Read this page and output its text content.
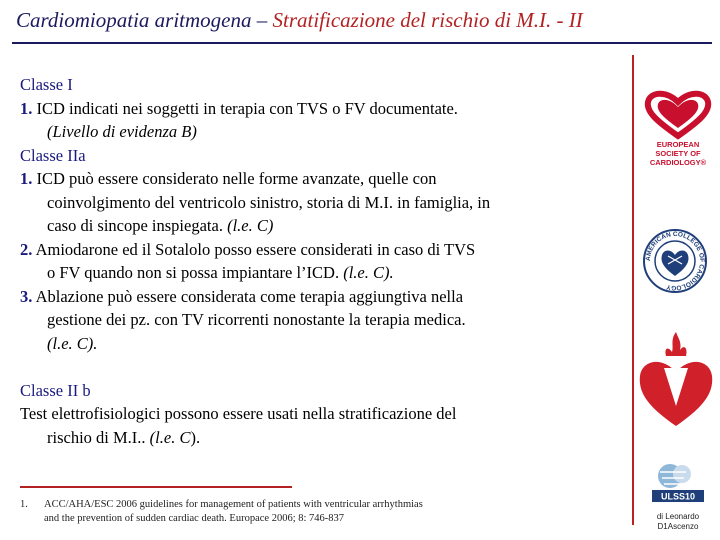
Cardiomiopatia aritmogena – Stratificazione del rischio di M.I. - II
Classe I
1. ICD indicati nei soggetti in terapia con TVS o FV documentate.
(Livello di evidenza B)
Classe IIa
1. ICD può essere considerato nelle forme avanzate, quelle con
coinvolgimento del ventricolo sinistro, storia di M.I. in famiglia, in
caso di sincope inspiegata. (l.e. C)
2. Amiodarone ed il Sotalolo posso essere considerati in caso di TVS
o FV quando non si possa impiantare l’ICD. (l.e. C).
3. Ablazione può essere considerata come terapia aggiungtiva nella
gestione dei pz. con TV ricorrenti nonostante la terapia medica.
(l.e. C).
Classe II b
Test elettrofisiologici possono essere usati nella stratificazione del
rischio di M.I.. (l.e. C).
1.	ACC/AHA/ESC 2006 guidelines for management of patients with ventricular arrhythmias
and the prevention of sudden cardiac death. Europace 2006; 8: 746-837
EUROPEAN
SOCIETY OF
CARDIOLOGY®
AMERICAN COLLEGE OF CARDIOLOGY
ULSS10
di Leonardo
D1Ascenzo
